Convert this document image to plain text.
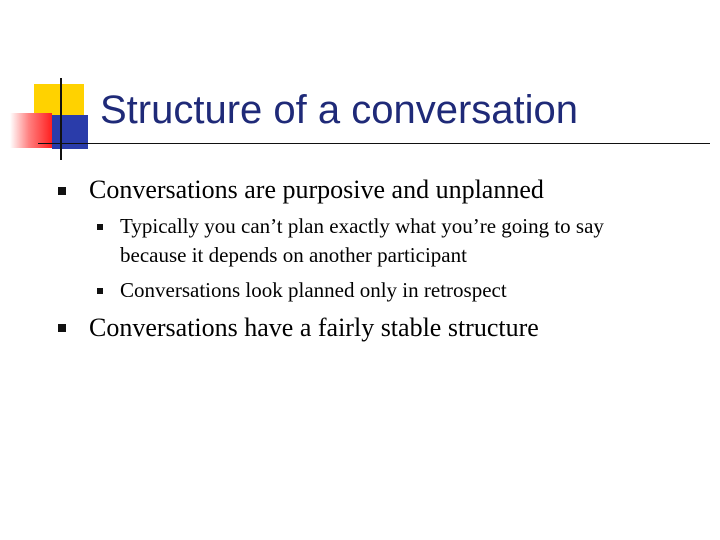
Structure of a conversation
Conversations are purposive and unplanned
Typically you can’t plan exactly what you’re going to say because it depends on another participant
Conversations look planned only in retrospect
Conversations have a fairly stable structure
